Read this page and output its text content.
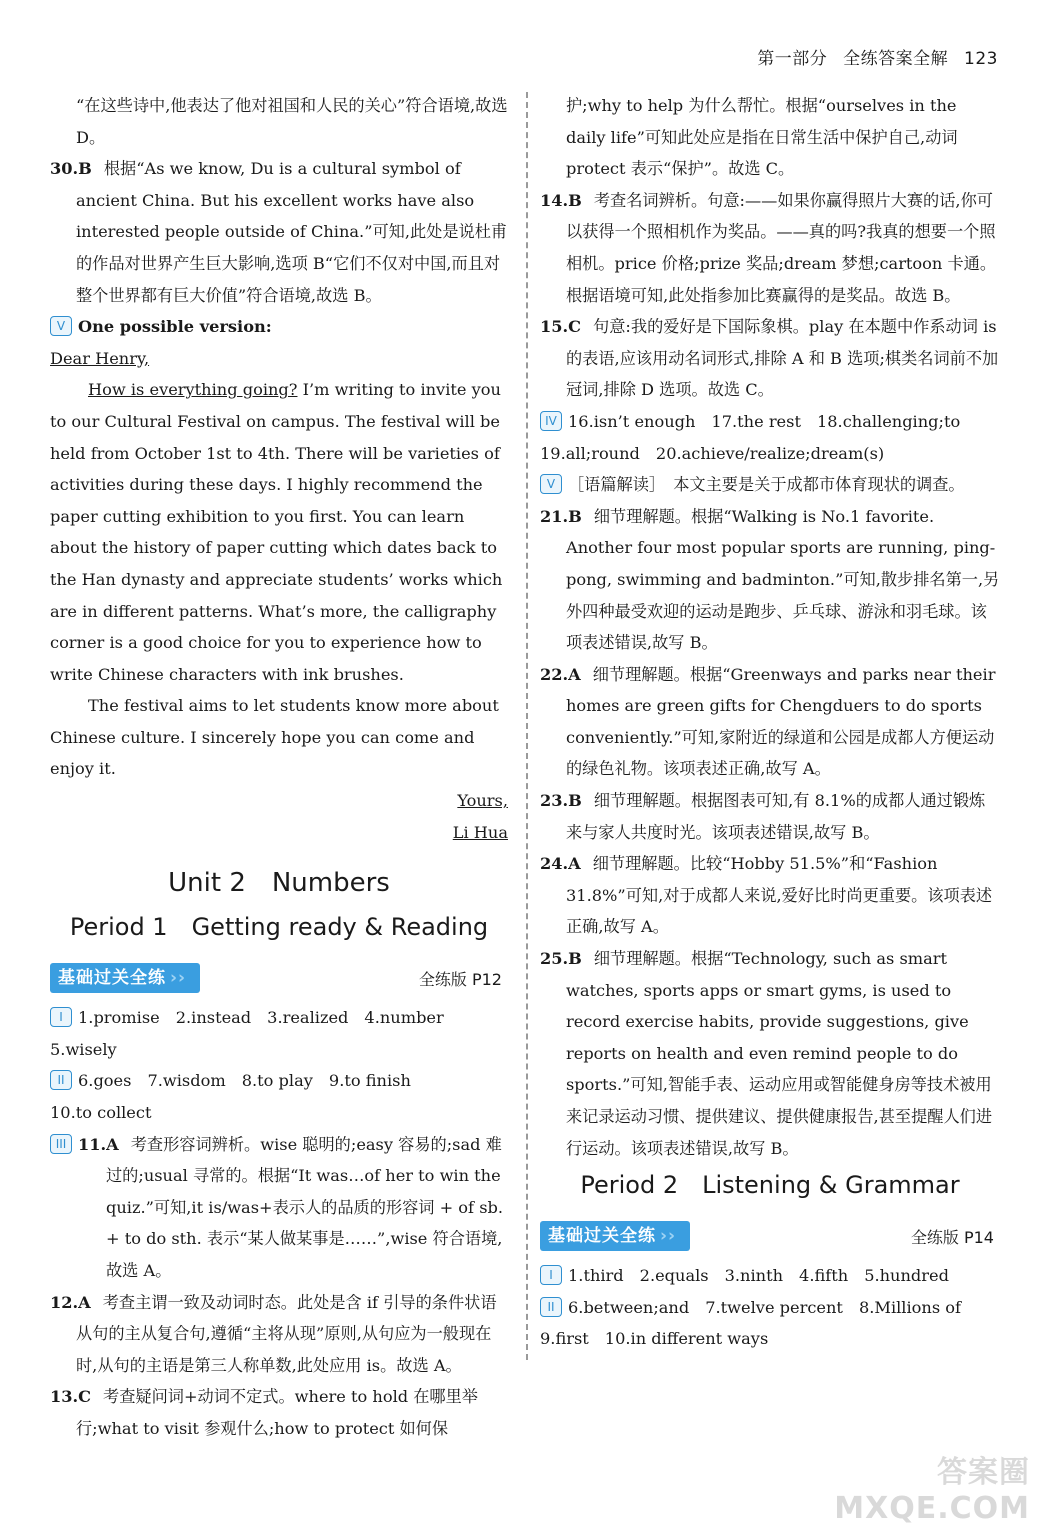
第一部分 全练答案全解 123

“在这些诗中,他表达了他对祖国和人民的关心”符合语境,故选 D。

30.B 根据“As we know, Du is a cultural symbol of ancient China. But his excellent works have also interested people outside of China.”可知,此处是说杜甫的作品对世界产生巨大影响,选项 B“它们不仅对中国,而且对整个世界都有巨大价值”符合语境,故选 B。

V One possible version:

Dear Henry,

How is everything going? I’m writing to invite you to our Cultural Festival on campus. The festival will be held from October 1st to 4th. There will be varieties of activities during these days. I highly recommend the paper cutting exhibition to you first. You can learn about the history of paper cutting which dates back to the Han dynasty and appreciate students’ works which are in different patterns. What’s more, the calligraphy corner is a good choice for you to experience how to write Chinese characters with ink brushes.

The festival aims to let students know more about Chinese culture. I sincerely hope you can come and enjoy it.

Yours,

Li Hua

Unit 2　Numbers
Period 1　Getting ready & Reading
基础过关全练 ››	全练版 P12

I 1.promise 2.instead 3.realized 4.number

5.wisely

II 6.goes 7.wisdom 8.to play 9.to finish

10.to collect

III 11.A 考查形容词辨析。wise 聪明的;easy 容易的;sad 难过的;usual 寻常的。根据“It was…of her to win the quiz.”可知,it is/was+表示人的品质的形容词 + of sb. + to do sth. 表示“某人做某事是……”,wise 符合语境,故选 A。

12.A 考查主谓一致及动词时态。此处是含 if 引导的条件状语从句的主从复合句,遵循“主将从现”原则,从句应为一般现在时,从句的主语是第三人称单数,此处应用 is。故选 A。

13.C 考查疑问词+动词不定式。where to hold 在哪里举行;what to visit 参观什么;how to protect 如何保

护;why to help 为什么帮忙。根据“ourselves in the daily life”可知此处应是指在日常生活中保护自己,动词 protect 表示“保护”。故选 C。

14.B 考查名词辨析。句意:——如果你赢得照片大赛的话,你可以获得一个照相机作为奖品。——真的吗?我真的想要一个照相机。price 价格;prize 奖品;dream 梦想;cartoon 卡通。根据语境可知,此处指参加比赛赢得的是奖品。故选 B。

15.C 句意:我的爱好是下国际象棋。play 在本题中作系动词 is 的表语,应该用动名词形式,排除 A 和 B 选项;棋类名词前不加冠词,排除 D 选项。故选 C。

IV 16.isn’t enough 17.the rest 18.challenging;to

19.all;round 20.achieve/realize;dream(s)

V ［语篇解读］　 本文主要是关于成都市体育现状的调查。

21.B 细节理解题。根据“Walking is No.1 favorite. Another four most popular sports are running, ping-pong, swimming and badminton.”可知,散步排名第一,另外四种最受欢迎的运动是跑步、乒乓球、游泳和羽毛球。该项表述错误,故写 B。

22.A 细节理解题。根据“Greenways and parks near their homes are green gifts for Chengduers to do sports conveniently.”可知,家附近的绿道和公园是成都人方便运动的绿色礼物。该项表述正确,故写 A。

23.B 细节理解题。根据图表可知,有 8.1%的成都人通过锻炼来与家人共度时光。该项表述错误,故写 B。

24.A 细节理解题。比较“Hobby 51.5%”和“Fashion 31.8%”可知,对于成都人来说,爱好比时尚更重要。该项表述正确,故写 A。

25.B 细节理解题。根据“Technology, such as smart watches, sports apps or smart gyms, is used to record exercise habits, provide suggestions, give reports on health and even remind people to do sports.”可知,智能手表、运动应用或智能健身房等技术被用来记录运动习惯、提供建议、提供健康报告,甚至提醒人们进行运动。该项表述错误,故写 B。

Period 2　Listening & Grammar
基础过关全练 ››	全练版 P14

I 1.third 2.equals 3.ninth 4.fifth 5.hundred

II 6.between;and 7.twelve percent 8.Millions of

9.first 10.in different ways

答案圈
MXQE.COM
